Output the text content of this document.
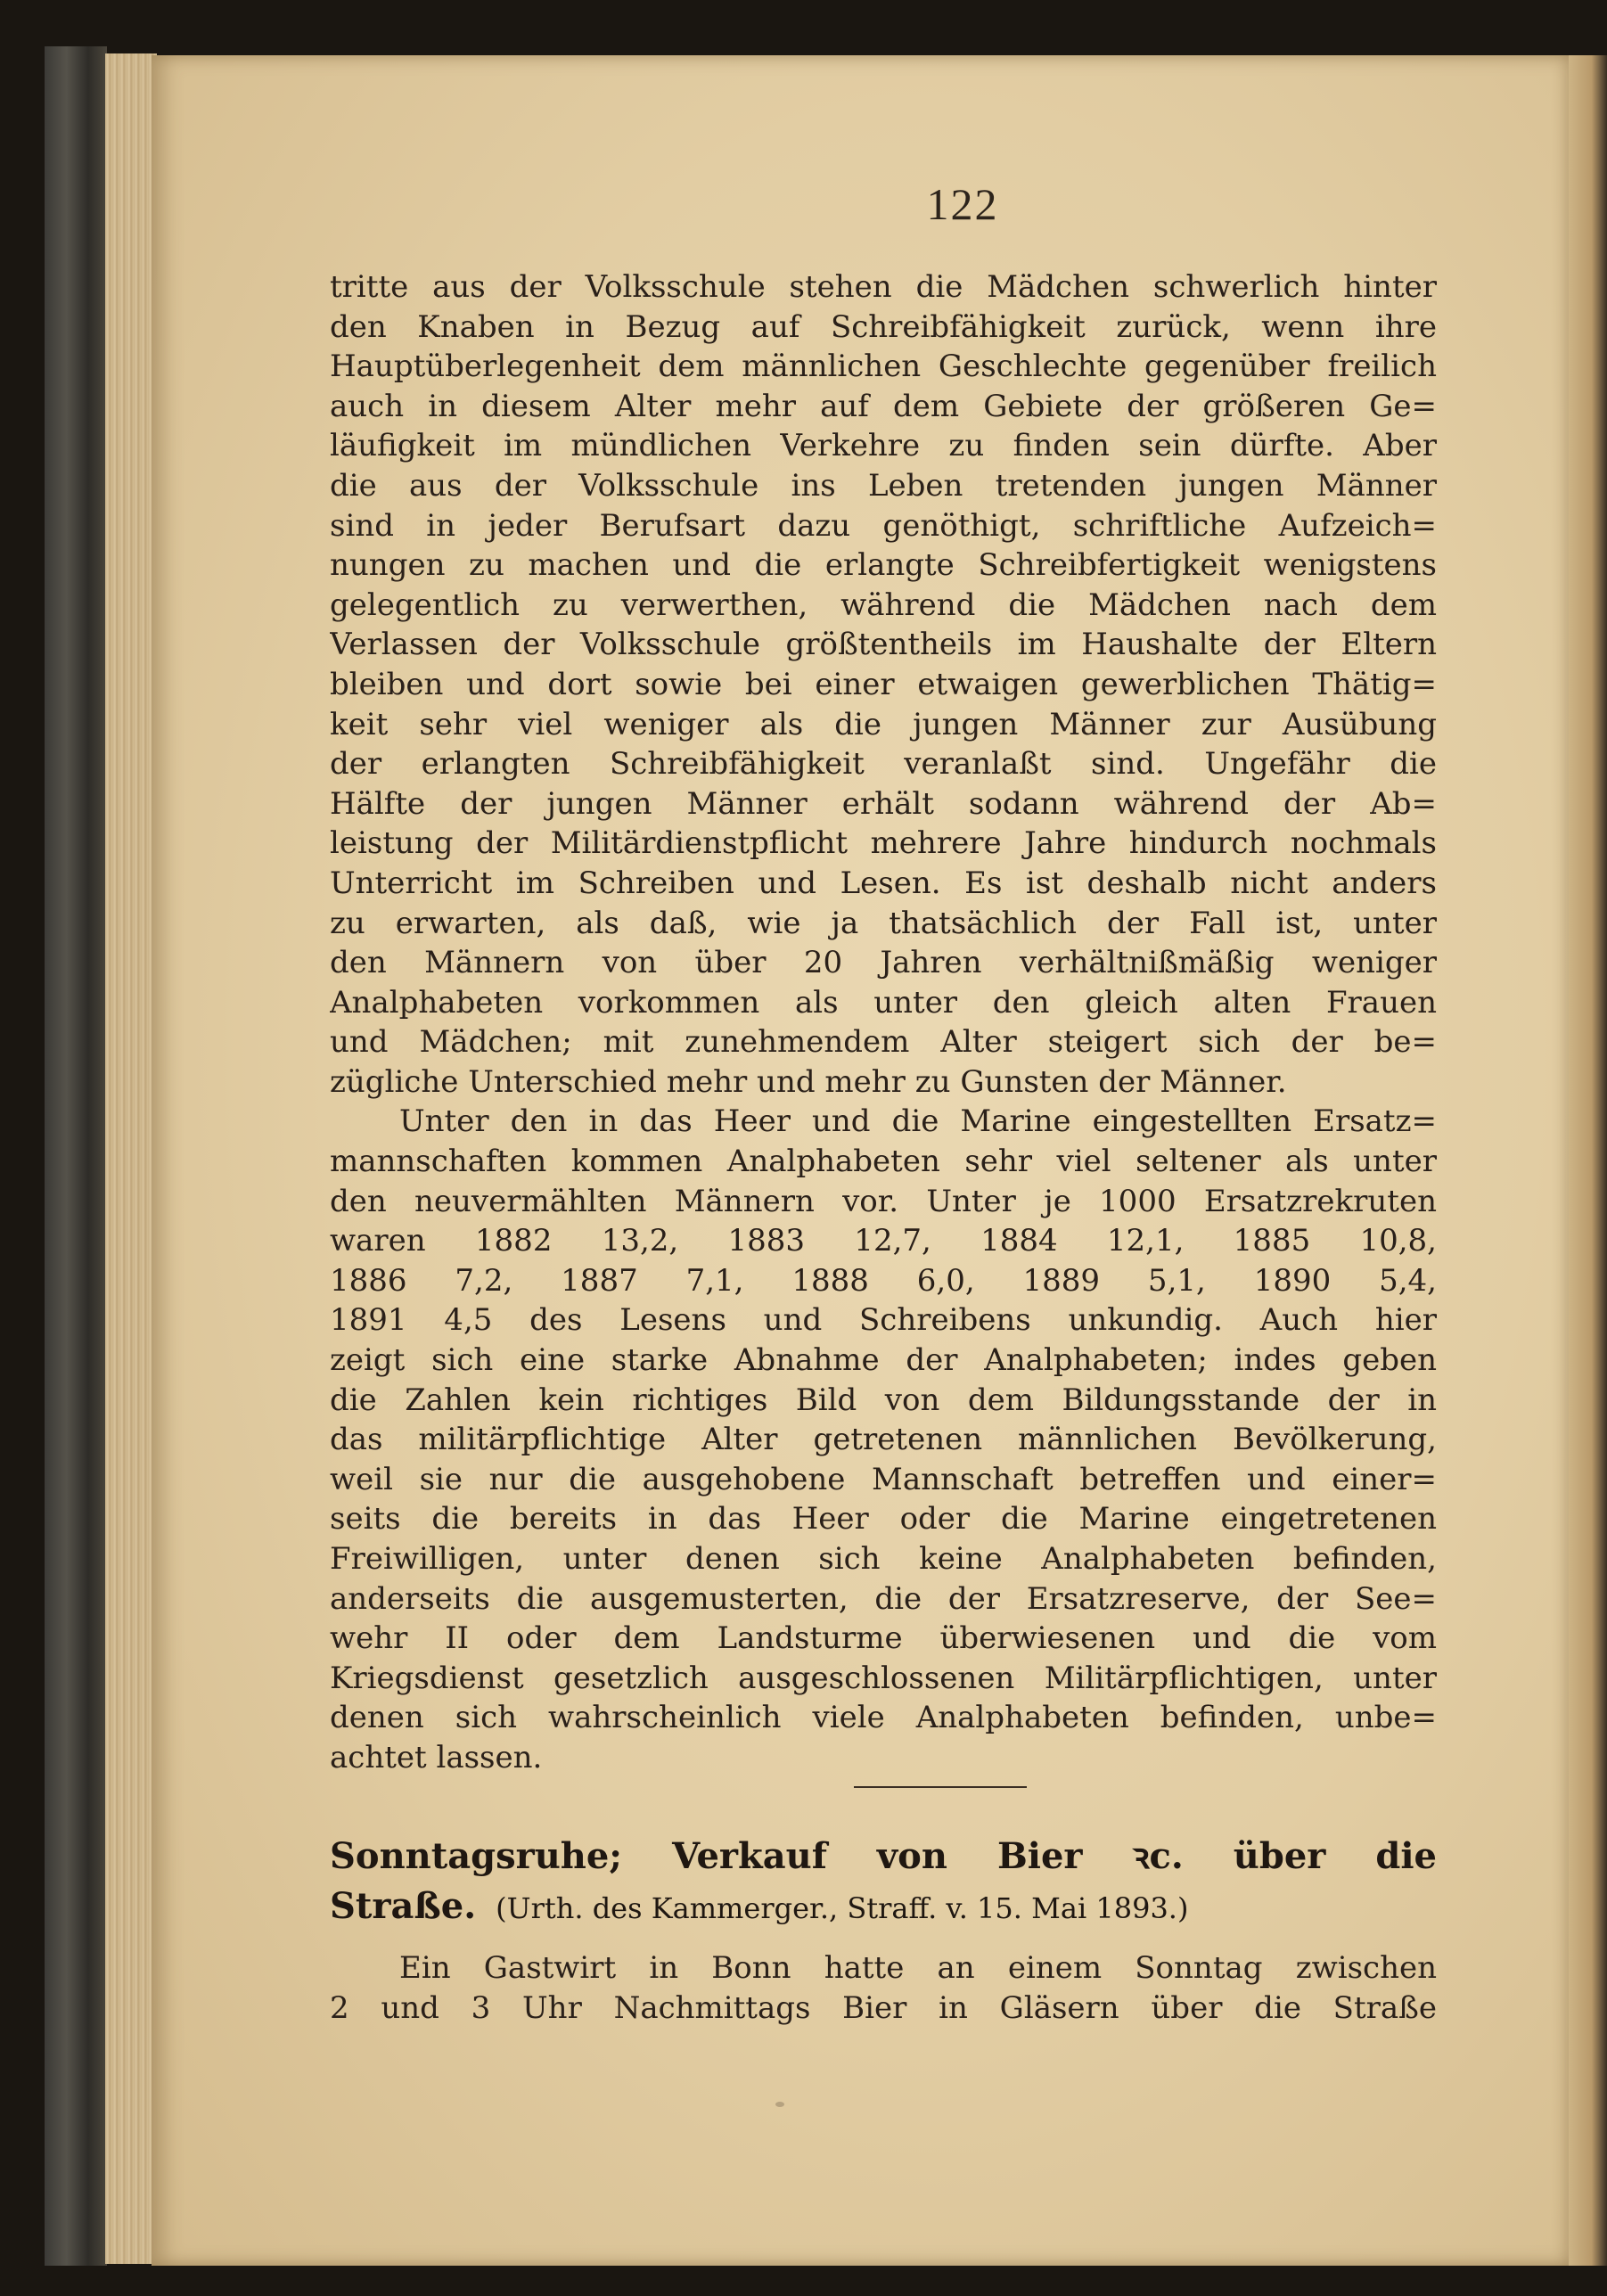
122
tritte aus der Volksschule stehen die Mädchen schwerlich hinter
den Knaben in Bezug auf Schreibfähigkeit zurück, wenn ihre
Hauptüberlegenheit dem männlichen Geschlechte gegenüber freilich
auch in diesem Alter mehr auf dem Gebiete der größeren Ge=
läufigkeit im mündlichen Verkehre zu finden sein dürfte. Aber
die aus der Volksschule ins Leben tretenden jungen Männer
sind in jeder Berufsart dazu genöthigt, schriftliche Aufzeich=
nungen zu machen und die erlangte Schreibfertigkeit wenigstens
gelegentlich zu verwerthen, während die Mädchen nach dem
Verlassen der Volksschule größtentheils im Haushalte der Eltern
bleiben und dort sowie bei einer etwaigen gewerblichen Thätig=
keit sehr viel weniger als die jungen Männer zur Ausübung
der erlangten Schreibfähigkeit veranlaßt sind. Ungefähr die
Hälfte der jungen Männer erhält sodann während der Ab=
leistung der Militärdienstpflicht mehrere Jahre hindurch nochmals
Unterricht im Schreiben und Lesen. Es ist deshalb nicht anders
zu erwarten, als daß, wie ja thatsächlich der Fall ist, unter
den Männern von über 20 Jahren verhältnißmäßig weniger
Analphabeten vorkommen als unter den gleich alten Frauen
und Mädchen; mit zunehmendem Alter steigert sich der be=
zügliche Unterschied mehr und mehr zu Gunsten der Männer.
Unter den in das Heer und die Marine eingestellten Ersatz=
mannschaften kommen Analphabeten sehr viel seltener als unter
den neuvermählten Männern vor. Unter je 1000 Ersatzrekruten
waren 1882 13,2, 1883 12,7, 1884 12,1, 1885 10,8,
1886 7,2, 1887 7,1, 1888 6,0, 1889 5,1, 1890 5,4,
1891 4,5 des Lesens und Schreibens unkundig. Auch hier
zeigt sich eine starke Abnahme der Analphabeten; indes geben
die Zahlen kein richtiges Bild von dem Bildungsstande der in
das militärpflichtige Alter getretenen männlichen Bevölkerung,
weil sie nur die ausgehobene Mannschaft betreffen und einer=
seits die bereits in das Heer oder die Marine eingetretenen
Freiwilligen, unter denen sich keine Analphabeten befinden,
anderseits die ausgemusterten, die der Ersatzreserve, der See=
wehr II oder dem Landsturme überwiesenen und die vom
Kriegsdienst gesetzlich ausgeschlossenen Militärpflichtigen, unter
denen sich wahrscheinlich viele Analphabeten befinden, unbe=
achtet lassen.
Sonntagsruhe; Verkauf von Bier ꝛc. über die
Straße. (Urth. des Kammerger., Straff. v. 15. Mai 1893.)
Ein Gastwirt in Bonn hatte an einem Sonntag zwischen
2 und 3 Uhr Nachmittags Bier in Gläsern über die Straße
